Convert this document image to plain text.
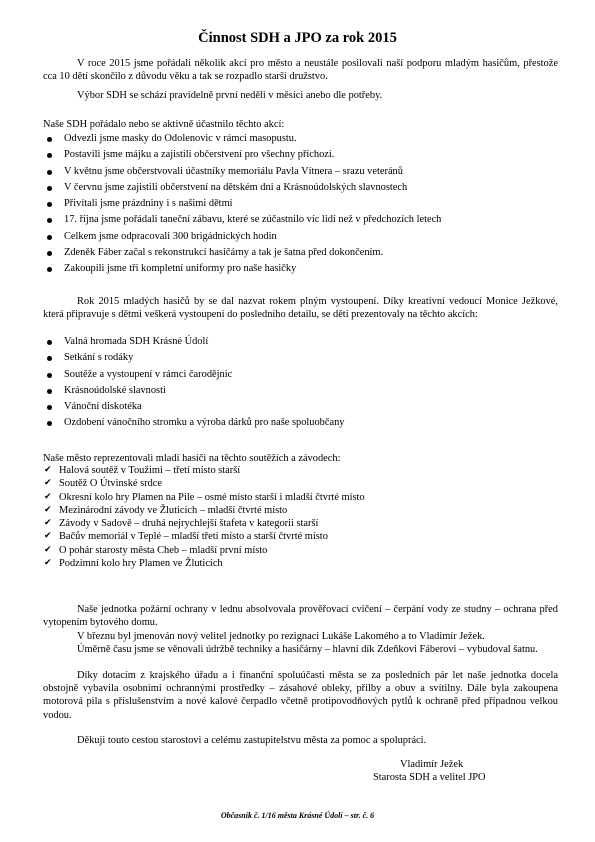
Činnost SDH a JPO za rok 2015

V roce 2015 jsme pořádali několik akcí pro město a neustále posilovali naší podporu mladým hasičům, přestože cca 10 dětí skončilo z důvodu věku a tak se rozpadlo starší družstvo.

Výbor SDH se schází pravidelně první neděli v měsíci anebo dle potřeby.
Naše SDH pořádalo nebo se aktivně účastnilo těchto akcí:
Odvezli jsme masky do Odolenovic v rámci masopustu.
Postavili jsme májku a zajistili občerstvení pro všechny příchozí.
V květnu jsme občerstvovali účastníky memoriálu Pavla Vítnera – srazu veteránů
V červnu jsme zajistili občerstvení na dětském dni a Krásnoúdolských slavnostech
Přivítali jsme prázdniny i s našimi dětmi
17. října jsme pořádali taneční zábavu, které se zúčastnilo víc lidí než v předchozích letech
Celkem jsme odpracovali 300 brigádnických hodin
Zdeněk Fáber začal s rekonstrukcí hasičárny a tak je šatna před dokončením.
Zakoupili jsme tři kompletní uniformy pro naše hasičky

Rok 2015 mladých hasičů by se dal nazvat rokem plným vystoupení. Díky kreativní vedoucí Monice Ježkové, která připravuje s dětmi veškerá vystoupení do posledního detailu, se děti prezentovaly na těchto akcích:

Valná hromada SDH Krásné Údolí
Setkání s rodáky
Soutěže a vystoupení v rámci čarodějnic
Krásnoúdolské slavnosti
Vánoční diskotéka
Ozdobení vánočního stromku a výroba dárků pro naše spoluobčany
Naše město reprezentovali mladí hasiči na těchto soutěžích a závodech:
✔ Halová soutěž v Toužimi – třetí místo starší
✔ Soutěž O Útvinské srdce
✔ Okresní kolo hry Plamen na Pile – osmé místo starší i mladší čtvrté místo
✔ Mezinárodní závody ve Žluticích – mladší čtvrté místo
✔ Závody v Sadově – druhá nejrychlejší štafeta v kategorii starší
✔ Bačův memoriál v Teplé – mladší třetí místo a starší čtvrté místo
✔ O pohár starosty města Cheb – mladší první místo
✔ Podzimní kolo hry Plamen ve Žluticích

Naše jednotka požární ochrany v lednu absolvovala prověřovací cvičení – čerpání vody ze studny – ochrana před vytopením bytového domu.

V březnu byl jmenován nový velitel jednotky po rezignaci Lukáše Lakomého a to Vladimír Ježek.

Úměrně času jsme se věnovali údržbě techniky a hasičárny – hlavní dík Zdeňkovi Fáberovi – vybudoval šatnu.

Díky dotacím z krajského úřadu a i finanční spoluúčasti města se za posledních pár let naše jednotka docela obstojně vybavila osobními ochrannými prostředky – zásahové obleky, přilby a obuv a svítilny. Dále byla zakoupena motorová pila s příslušenstvím a nové kalové čerpadlo včetně protipovodňových pytlů k ochraně před případnou velkou vodou.

Děkuji touto cestou starostovi a celému zastupitelstvu města za pomoc a spolupráci.
Vladimír Ježek
Starosta SDH a velitel JPO
Občasník č. 1/16 města Krásné Údolí – str. č. 6
